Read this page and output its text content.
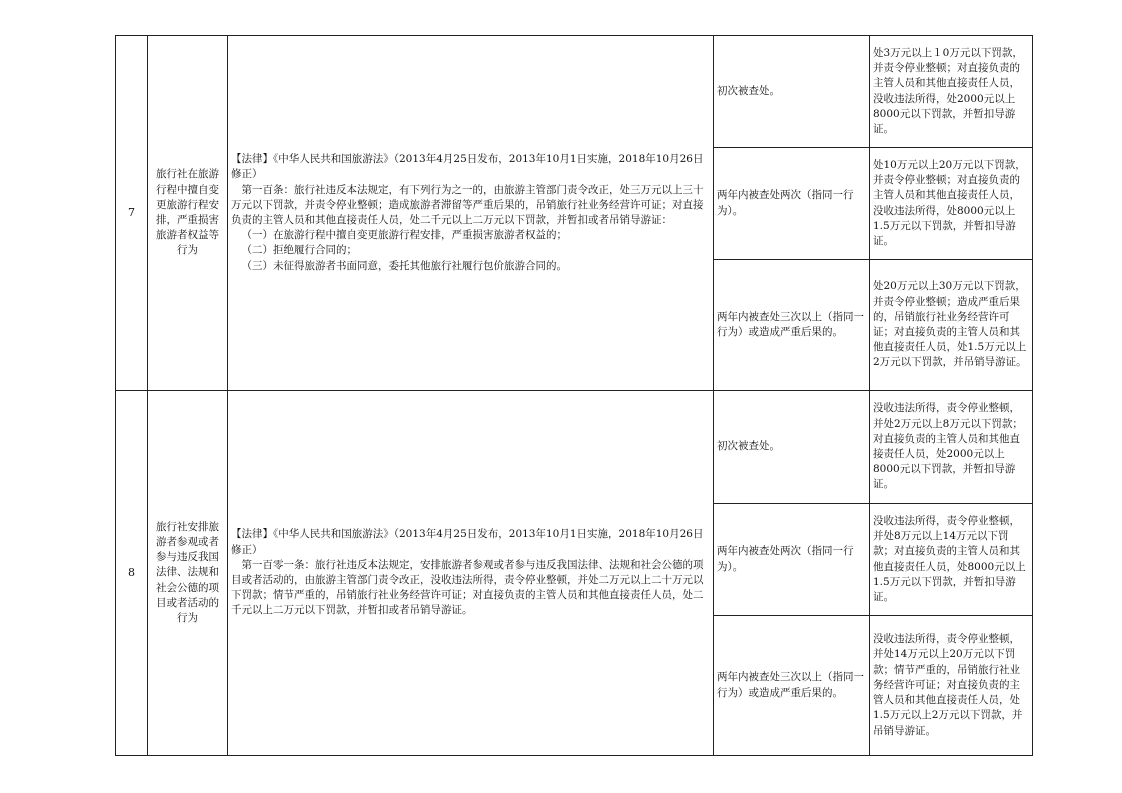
7	旅行社在旅游行程中擅自变更旅游行程安排，严重损害旅游者权益等行为	【法律】《中华人民共和国旅游法》（2013年4月25日发布，2013年10月1日实施，2018年10月26日修正）

第一百条：旅行社违反本法规定，有下列行为之一的，由旅游主管部门责令改正，处三万元以上三十万元以下罚款，并责令停业整顿；造成旅游者滞留等严重后果的，吊销旅行社业务经营许可证；对直接负责的主管人员和其他直接责任人员，处二千元以上二万元以下罚款，并暂扣或者吊销导游证：

（一）在旅游行程中擅自变更旅游行程安排，严重损害旅游者权益的；

（二）拒绝履行合同的；

（三）未征得旅游者书面同意，委托其他旅行社履行包价旅游合同的。	初次被查处。	处3万元以上１0万元以下罚款，并责令停业整顿；对直接负责的主管人员和其他直接责任人员，没收违法所得，处2000元以上8000元以下罚款，并暂扣导游证。
			两年内被查处两次（指同一行为）。	处10万元以上20万元以下罚款，并责令停业整顿；对直接负责的主管人员和其他直接责任人员，没收违法所得，处8000元以上1.5万元以下罚款，并暂扣导游证。
			两年内被查处三次以上（指同一行为）或造成严重后果的。	处20万元以上30万元以下罚款，并责令停业整顿；造成严重后果的，吊销旅行社业务经营许可证；对直接负责的主管人员和其他直接责任人员，处1.5万元以上2万元以下罚款，并吊销导游证。
8	旅行社安排旅游者参观或者参与违反我国法律、法规和社会公德的项目或者活动的行为	【法律】《中华人民共和国旅游法》（2013年4月25日发布，2013年10月1日实施，2018年10月26日修正）

第一百零一条：旅行社违反本法规定，安排旅游者参观或者参与违反我国法律、法规和社会公德的项目或者活动的，由旅游主管部门责令改正，没收违法所得，责令停业整顿，并处二万元以上二十万元以下罚款；情节严重的，吊销旅行社业务经营许可证；对直接负责的主管人员和其他直接责任人员，处二千元以上二万元以下罚款，并暂扣或者吊销导游证。	初次被查处。	没收违法所得，责令停业整顿，并处2万元以上8万元以下罚款；对直接负责的主管人员和其他直接责任人员，处2000元以上8000元以下罚款，并暂扣导游证。
			两年内被查处两次（指同一行为）。	没收违法所得，责令停业整顿，并处8万元以上14万元以下罚款；对直接负责的主管人员和其他直接责任人员，处8000元以上1.5万元以下罚款，并暂扣导游证。
			两年内被查处三次以上（指同一行为）或造成严重后果的。	没收违法所得，责令停业整顿，并处14万元以上20万元以下罚款；情节严重的，吊销旅行社业务经营许可证；对直接负责的主管人员和其他直接责任人员，处1.5万元以上2万元以下罚款，并吊销导游证。
